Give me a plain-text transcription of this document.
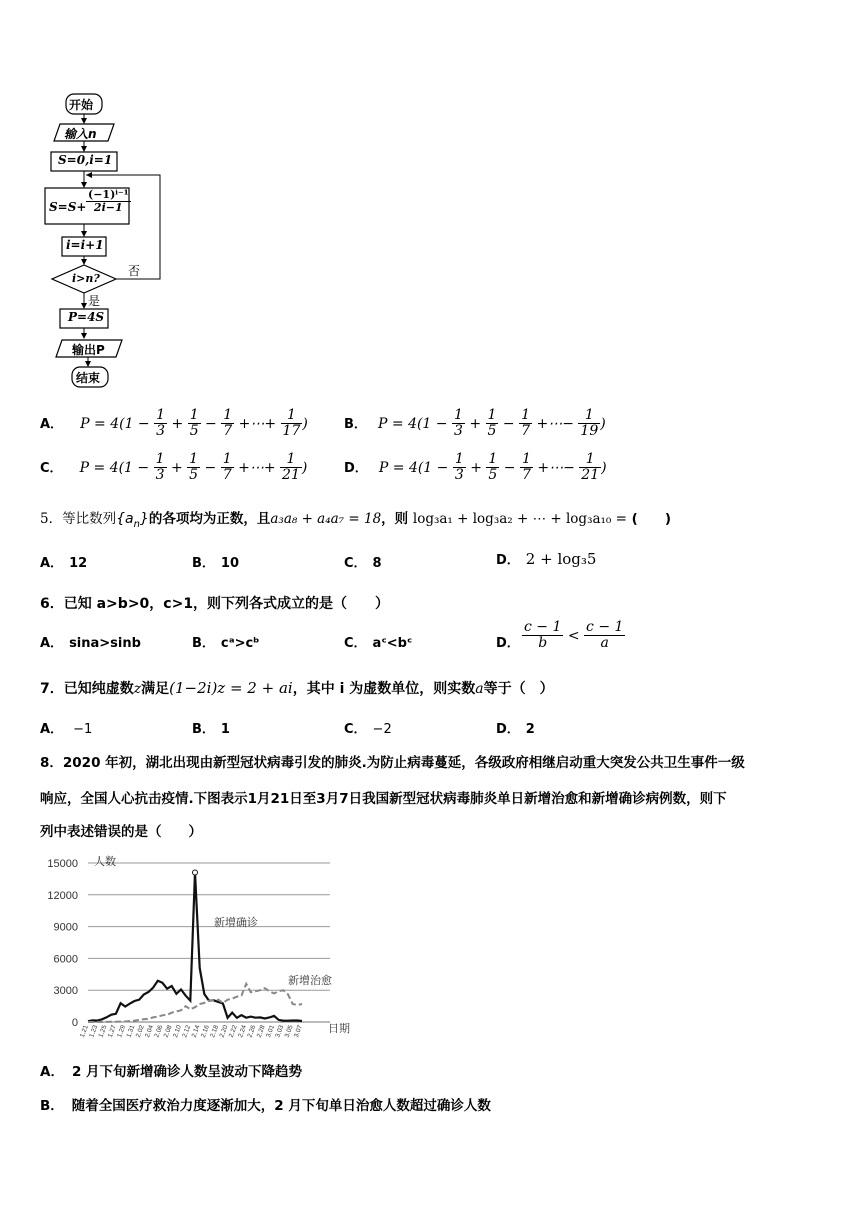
开始
输入n
S=0,i=1
$S=S+ \frac{\text{(−1)ⁱ⁻¹}}{2i-1}$
i=i+1
i>n?
否
是
P=4S
输出P
结束
A． $P = 4(1 - \frac{1}{3} + \frac{1}{5} - \frac{1}{7}$ +⋯+ $\frac{1}{17}$ )	B． $P = 4(1 - \frac{1}{3} + \frac{1}{5} - \frac{1}{7}$ +⋯− $\frac{1}{19}$ )
C． $P = 4(1 - \frac{1}{3} + \frac{1}{5} - \frac{1}{7}$ +⋯+ $\frac{1}{21}$ )	D． $P = 4(1 - \frac{1}{3} + \frac{1}{5} - \frac{1}{7}$ +⋯− $\frac{1}{21}$ )
5．等比数列$\{a_n\}$的各项均为正数，且a₃a₈ + a₄a₇ = 18，则 log₃a₁ + log₃a₂ + ⋯ + log₃a₁₀ = (　　)
A． 12	B． 10	C． 8	D． 2 + log₃5
6．已知 a>b>0，c>1，则下列各式成立的是（　　）
A． sina>sinb	B． cᵃ>cᵇ	C． aᶜ<bᶜ	D． $\frac{c - 1}{b} < \frac{c - 1}{a}$
7．已知纯虚数z满足(1−2i)z = 2 + ai，其中 i 为虚数单位，则实数a等于（　）
A． −1	B． 1	C． −2	D． 2
8．2020 年初，湖北出现由新型冠状病毒引发的肺炎.为防止病毒蔓延，各级政府相继启动重大突发公共卫生事件一级
响应，全国人心抗击疫情.下图表示1月21日至3月7日我国新型冠状病毒肺炎单日新增治愈和新增确诊病例数，则下
列中表述错误的是（　　）
15000
12000
9000
6000
3000
0
人数
日期
1.21
1.23
1.25
1.27
1.29
1.31
2.02
2.04
2.06
2.08
2.10
2.12
2.14
2.16
2.18
2.20
2.22
2.24
2.26
2.28
3.01
3.03
3.05
3.07
新增确诊
新增治愈
A． 2 月下旬新增确诊人数呈波动下降趋势
B． 随着全国医疗救治力度逐渐加大，2 月下旬单日治愈人数超过确诊人数
